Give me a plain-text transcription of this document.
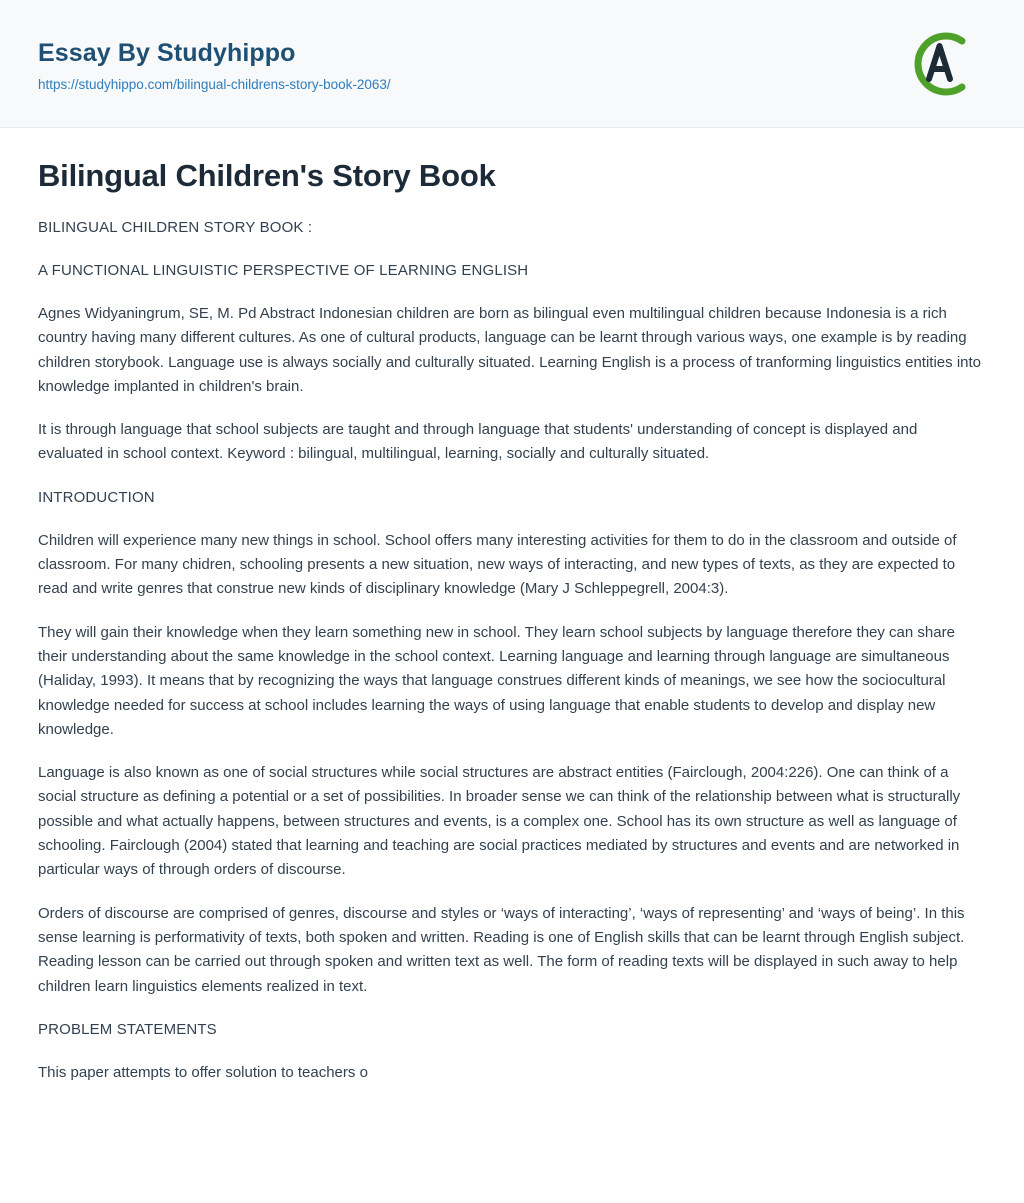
Essay By Studyhippo
https://studyhippo.com/bilingual-childrens-story-book-2063/
Bilingual Children's Story Book

BILINGUAL CHILDREN STORY BOOK :

A FUNCTIONAL LINGUISTIC PERSPECTIVE OF LEARNING ENGLISH

Agnes Widyaningrum, SE, M. Pd Abstract Indonesian children are born as bilingual even multilingual children because Indonesia is a rich country having many different cultures. As one of cultural products, language can be learnt through various ways, one example is by reading children storybook. Language use is always socially and culturally situated. Learning English is a process of tranforming linguistics entities into knowledge implanted in children's brain.

It is through language that school subjects are taught and through language that students' understanding of concept is displayed and evaluated in school context. Keyword : bilingual, multilingual, learning, socially and culturally situated.

INTRODUCTION

Children will experience many new things in school. School offers many interesting activities for them to do in the classroom and outside of classroom. For many chidren, schooling presents a new situation, new ways of interacting, and new types of texts, as they are expected to read and write genres that construe new kinds of disciplinary knowledge (Mary J Schleppegrell, 2004:3).

They will gain their knowledge when they learn something new in school. They learn school subjects by language therefore they can share their understanding about the same knowledge in the school context. Learning language and learning through language are simultaneous (Haliday, 1993). It means that by recognizing the ways that language construes different kinds of meanings, we see how the sociocultural knowledge needed for success at school includes learning the ways of using language that enable students to develop and display new knowledge.

Language is also known as one of social structures while social structures are abstract entities (Fairclough, 2004:226). One can think of a social structure as defining a potential or a set of possibilities. In broader sense we can think of the relationship between what is structurally possible and what actually happens, between structures and events, is a complex one. School has its own structure as well as language of schooling. Fairclough (2004) stated that learning and teaching are social practices mediated by structures and events and are networked in particular ways of through orders of discourse.

Orders of discourse are comprised of genres, discourse and styles or ‘ways of interacting’, ‘ways of representing’ and ‘ways of being’. In this sense learning is performativity of texts, both spoken and written. Reading is one of English skills that can be learnt through English subject. Reading lesson can be carried out through spoken and written text as well. The form of reading texts will be displayed in such away to help children learn linguistics elements realized in text.

PROBLEM STATEMENTS

This paper attempts to offer solution to teachers o
